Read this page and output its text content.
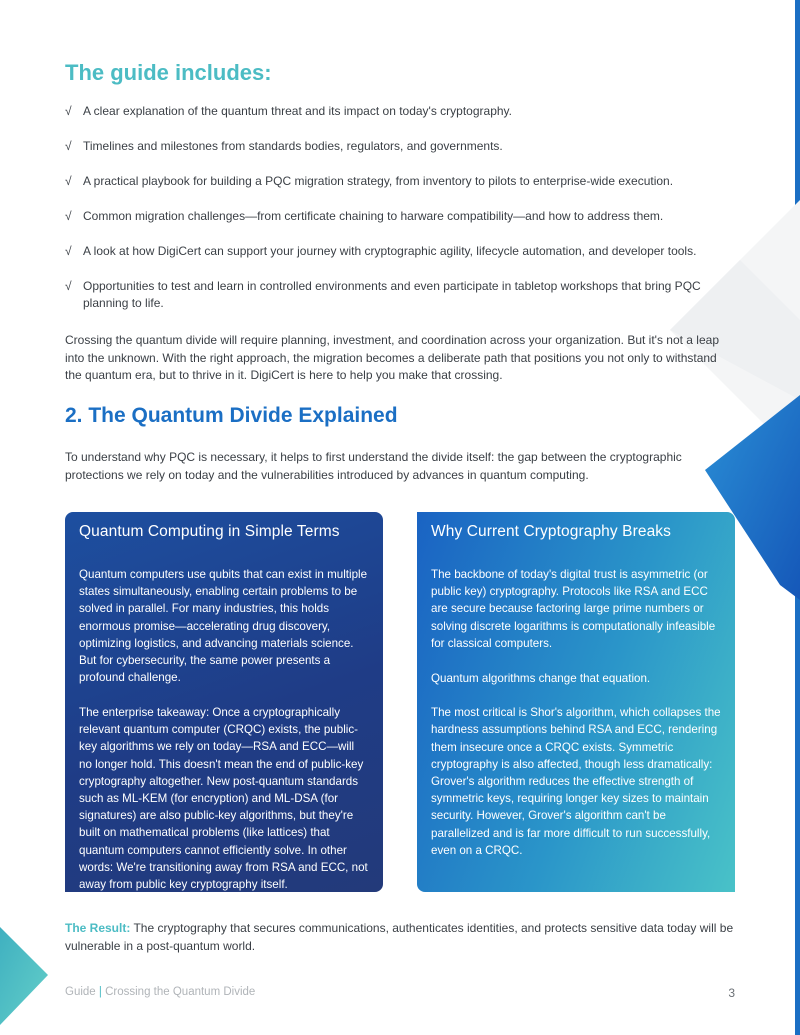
The guide includes:
√ A clear explanation of the quantum threat and its impact on today's cryptography.
√ Timelines and milestones from standards bodies, regulators, and governments.
√ A practical playbook for building a PQC migration strategy, from inventory to pilots to enterprise-wide execution.
√ Common migration challenges—from certificate chaining to harware compatibility—and how to address them.
√ A look at how DigiCert can support your journey with cryptographic agility, lifecycle automation, and developer tools.
√ Opportunities to test and learn in controlled environments and even participate in tabletop workshops that bring PQC planning to life.

Crossing the quantum divide will require planning, investment, and coordination across your organization. But it's not a leap into the unknown. With the right approach, the migration becomes a deliberate path that positions you not only to withstand the quantum era, but to thrive in it. DigiCert is here to help you make that crossing.

2. The Quantum Divide Explained

To understand why PQC is necessary, it helps to first understand the divide itself: the gap between the cryptographic protections we rely on today and the vulnerabilities introduced by advances in quantum computing.

Quantum Computing in Simple Terms

Quantum computers use qubits that can exist in multiple states simultaneously, enabling certain problems to be solved in parallel. For many industries, this holds enormous promise—accelerating drug discovery, optimizing logistics, and advancing materials science. But for cybersecurity, the same power presents a profound challenge.

The enterprise takeaway: Once a cryptographically relevant quantum computer (CRQC) exists, the public-key algorithms we rely on today—RSA and ECC—will no longer hold. This doesn't mean the end of public-key cryptography altogether. New post-quantum standards such as ML-KEM (for encryption) and ML-DSA (for signatures) are also public-key algorithms, but they're built on mathematical problems (like lattices) that quantum computers cannot efficiently solve. In other words: We're transitioning away from RSA and ECC, not away from public key cryptography itself.

Why Current Cryptography Breaks

The backbone of today's digital trust is asymmetric (or public key) cryptography. Protocols like RSA and ECC are secure because factoring large prime numbers or solving discrete logarithms is computationally infeasible for classical computers.

Quantum algorithms change that equation.

The most critical is Shor's algorithm, which collapses the hardness assumptions behind RSA and ECC, rendering them insecure once a CRQC exists. Symmetric cryptography is also affected, though less dramatically: Grover's algorithm reduces the effective strength of symmetric keys, requiring longer key sizes to maintain security. However, Grover's algorithm can't be parallelized and is far more difficult to run successfully, even on a CRQC.

The Result: The cryptography that secures communications, authenticates identities, and protects sensitive data today will be vulnerable in a post-quantum world.

Guide | Crossing the Quantum Divide	3
